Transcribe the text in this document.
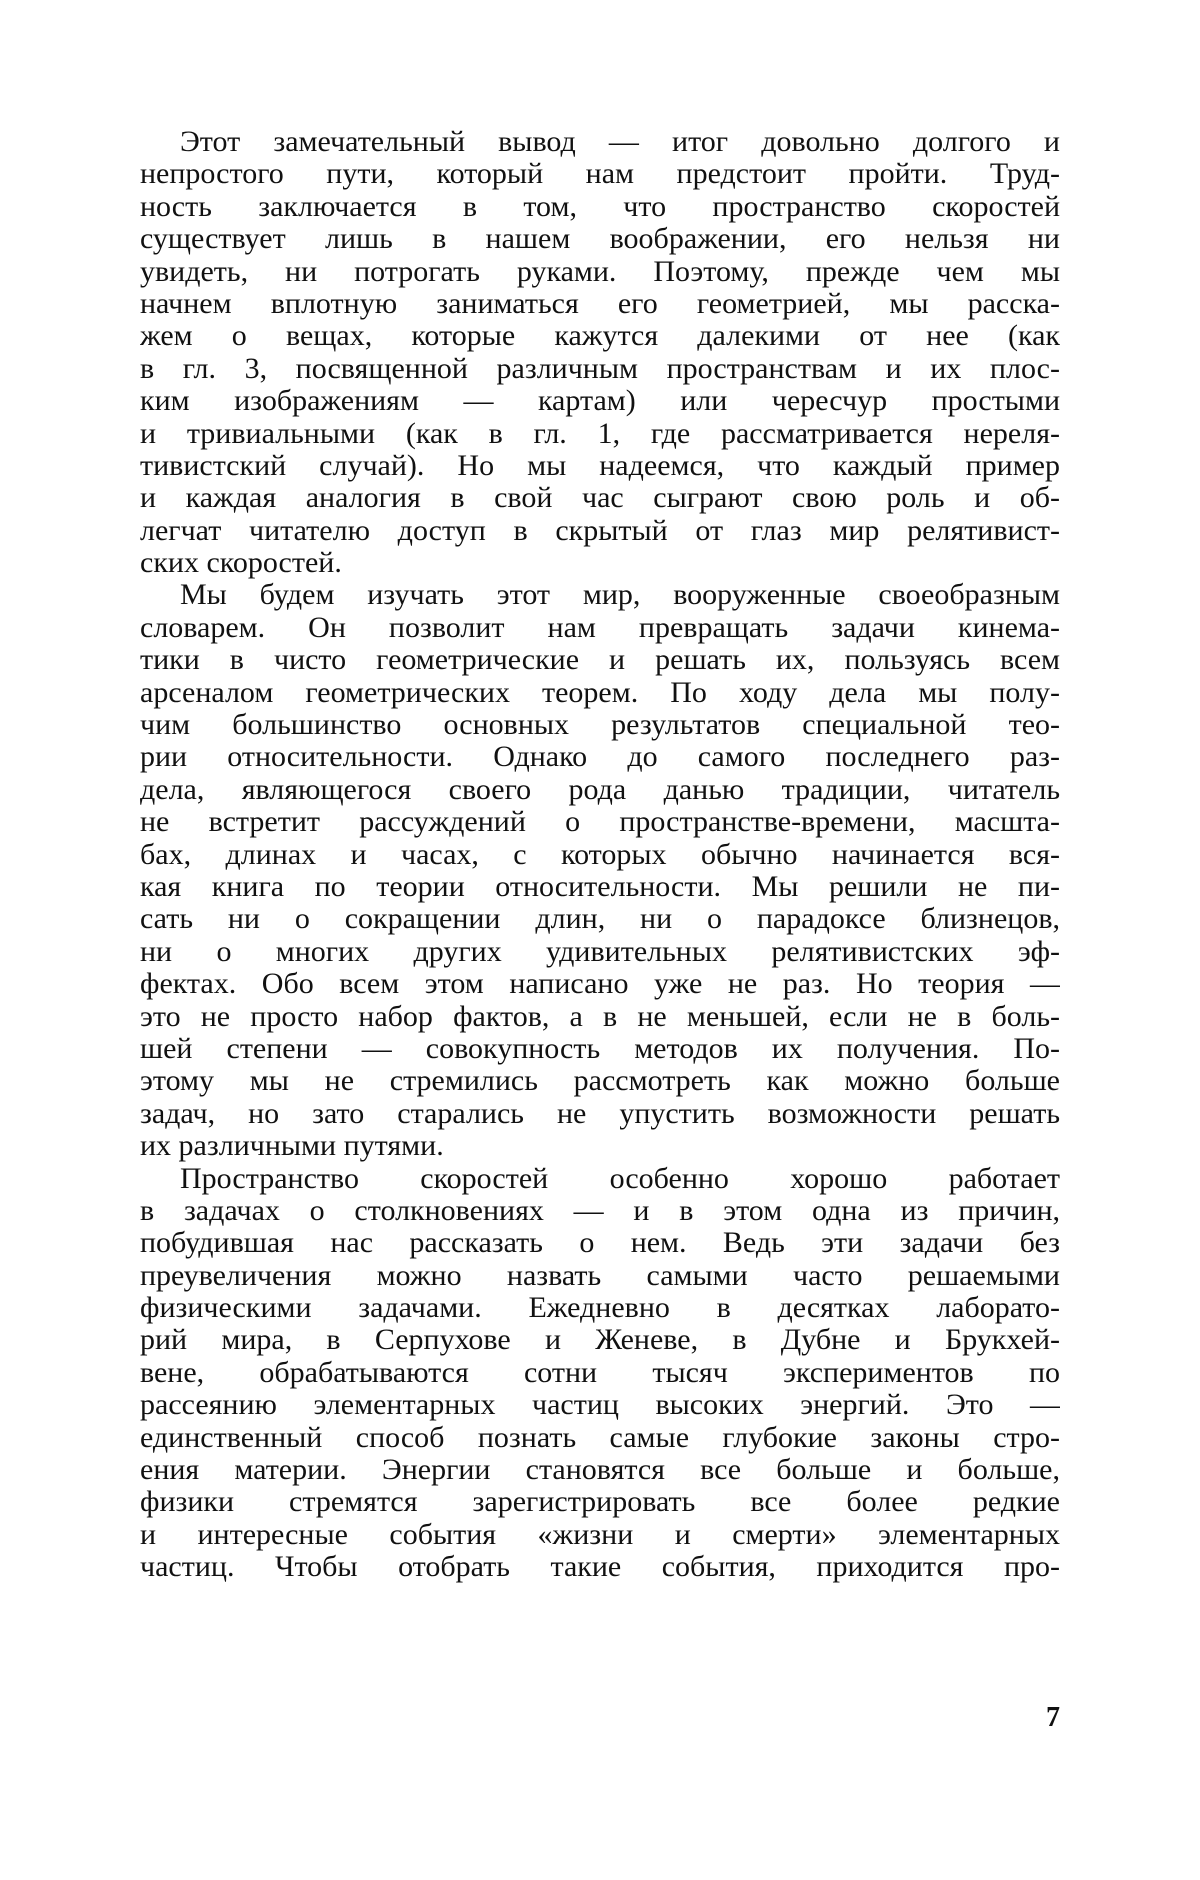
Этот замечательный вывод — итог довольно долгого и
непростого пути, который нам предстоит пройти. Труд-
ность заключается в том, что пространство скоростей
существует лишь в нашем воображении, его нельзя ни
увидеть, ни потрогать руками. Поэтому, прежде чем мы
начнем вплотную заниматься его геометрией, мы расска-
жем о вещах, которые кажутся далекими от нее (как
в гл. 3, посвященной различным пространствам и их плос-
ким изображениям — картам) или чересчур простыми
и тривиальными (как в гл. 1, где рассматривается нереля-
тивистский случай). Но мы надеемся, что каждый пример
и каждая аналогия в свой час сыграют свою роль и об-
легчат читателю доступ в скрытый от глаз мир релятивист-
ских скоростей.
Мы будем изучать этот мир, вооруженные своеобразным
словарем. Он позволит нам превращать задачи кинема-
тики в чисто геометрические и решать их, пользуясь всем
арсеналом геометрических теорем. По ходу дела мы полу-
чим большинство основных результатов специальной тео-
рии относительности. Однако до самого последнего раз-
дела, являющегося своего рода данью традиции, читатель
не встретит рассуждений о пространстве-времени, масшта-
бах, длинах и часах, с которых обычно начинается вся-
кая книга по теории относительности. Мы решили не пи-
сать ни о сокращении длин, ни о парадоксе близнецов,
ни о многих других удивительных релятивистских эф-
фектах. Обо всем этом написано уже не раз. Но теория —
это не просто набор фактов, а в не меньшей, если не в боль-
шей степени — совокупность методов их получения. По-
этому мы не стремились рассмотреть как можно больше
задач, но зато старались не упустить возможности решать
их различными путями.
Пространство скоростей особенно хорошо работает
в задачах о столкновениях — и в этом одна из причин,
побудившая нас рассказать о нем. Ведь эти задачи без
преувеличения можно назвать самыми часто решаемыми
физическими задачами. Ежедневно в десятках лаборато-
рий мира, в Серпухове и Женеве, в Дубне и Брукхей-
вене, обрабатываются сотни тысяч экспериментов по
рассеянию элементарных частиц высоких энергий. Это —
единственный способ познать самые глубокие законы стро-
ения материи. Энергии становятся все больше и больше,
физики стремятся зарегистрировать все более редкие
и интересные события «жизни и смерти» элементарных
частиц. Чтобы отобрать такие события, приходится про-
7
